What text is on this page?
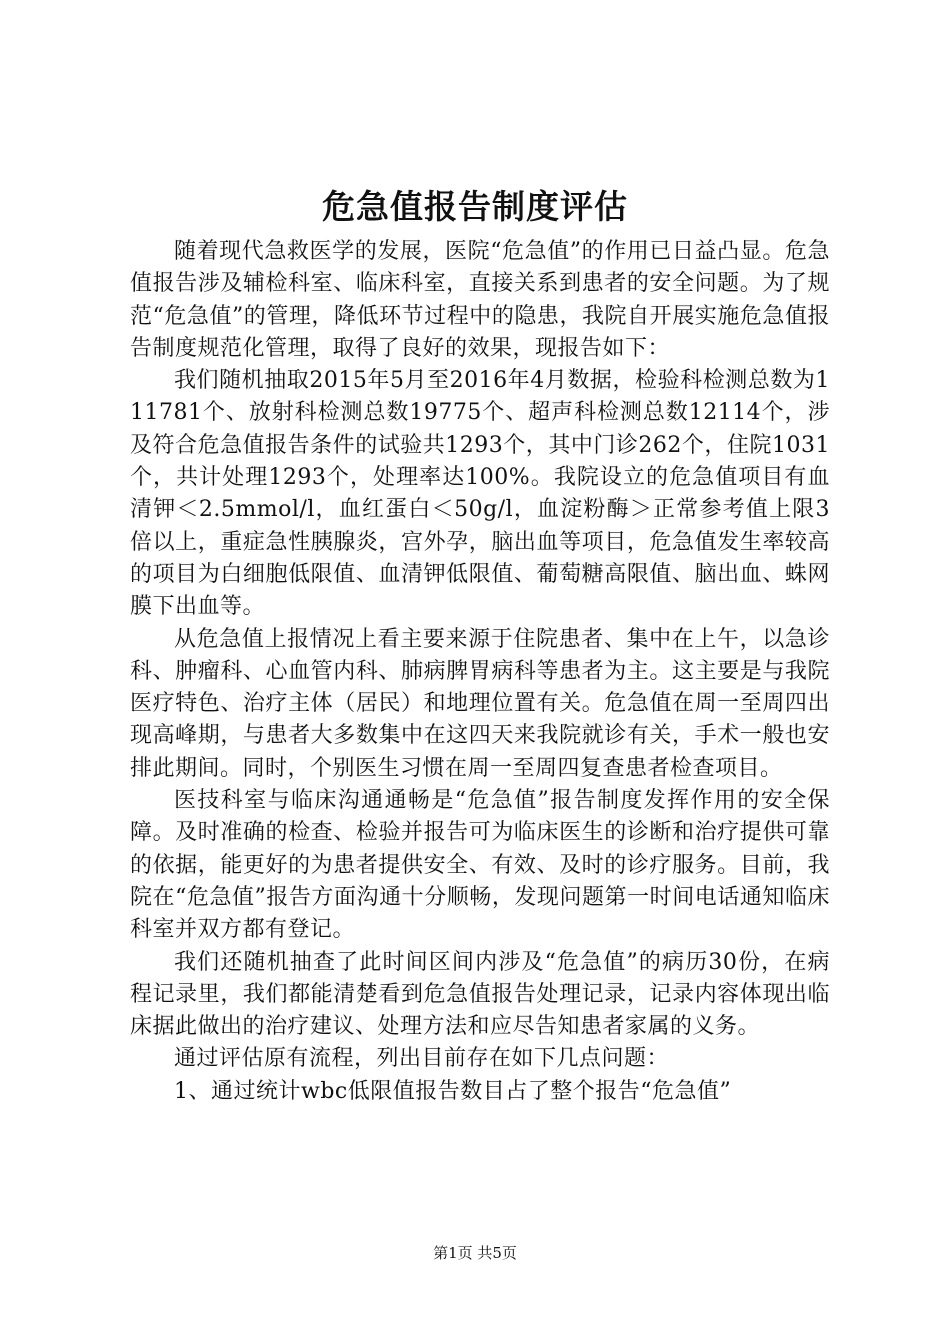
危急值报告制度评估

随着现代急救医学的发展，医院“危急值”的作用已日益凸显。危急值报告涉及辅检科室、临床科室，直接关系到患者的安全问题。为了规范“危急值”的管理，降低环节过程中的隐患，我院自开展实施危急值报告制度规范化管理，取得了良好的效果，现报告如下：

我们随机抽取2015年5月至2016年4月数据，检验科检测总数为111781个、放射科检测总数19775个、超声科检测总数12114个，涉及符合危急值报告条件的试验共1293个，其中门诊262个，住院1031个，共计处理1293个，处理率达100%。我院设立的危急值项目有血清钾＜2.5mmol/l，血红蛋白＜50g/l，血淀粉酶＞正常参考值上限3倍以上，重症急性胰腺炎，宫外孕，脑出血等项目，危急值发生率较高的项目为白细胞低限值、血清钾低限值、葡萄糖高限值、脑出血、蛛网膜下出血等。

从危急值上报情况上看主要来源于住院患者、集中在上午，以急诊科、肿瘤科、心血管内科、肺病脾胃病科等患者为主。这主要是与我院医疗特色、治疗主体（居民）和地理位置有关。危急值在周一至周四出现高峰期，与患者大多数集中在这四天来我院就诊有关，手术一般也安排此期间。同时，个别医生习惯在周一至周四复查患者检查项目。

医技科室与临床沟通通畅是“危急值”报告制度发挥作用的安全保障。及时准确的检查、检验并报告可为临床医生的诊断和治疗提供可靠的依据，能更好的为患者提供安全、有效、及时的诊疗服务。目前，我院在“危急值”报告方面沟通十分顺畅，发现问题第一时间电话通知临床科室并双方都有登记。

我们还随机抽查了此时间区间内涉及“危急值”的病历30份，在病程记录里，我们都能清楚看到危急值报告处理记录，记录内容体现出临床据此做出的治疗建议、处理方法和应尽告知患者家属的义务。

通过评估原有流程，列出目前存在如下几点问题：

1、通过统计wbc低限值报告数目占了整个报告“危急值”

第1页 共5页
